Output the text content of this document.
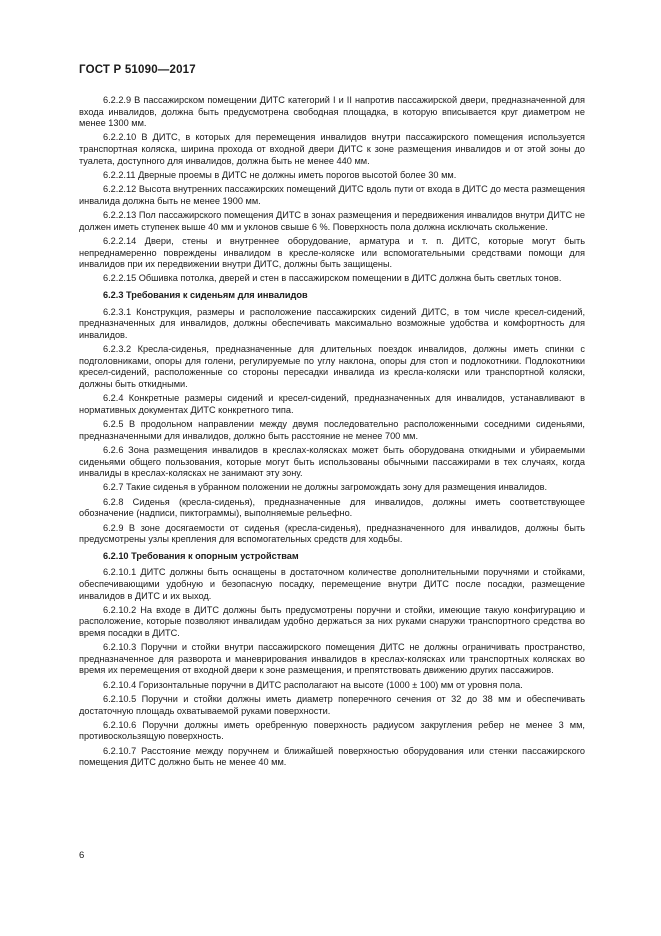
ГОСТ Р 51090—2017

6.2.2.9 В пассажирском помещении ДИТС категорий I и II напротив пассажирской двери, предназначенной для входа инвалидов, должна быть предусмотрена свободная площадка, в которую вписывается круг диаметром не менее 1300 мм.

6.2.2.10 В ДИТС, в которых для перемещения инвалидов внутри пассажирского помещения используется транспортная коляска, ширина прохода от входной двери ДИТС к зоне размещения инвалидов и от этой зоны до туалета, доступного для инвалидов, должна быть не менее 440 мм.

6.2.2.11 Дверные проемы в ДИТС не должны иметь порогов высотой более 30 мм.

6.2.2.12 Высота внутренних пассажирских помещений ДИТС вдоль пути от входа в ДИТС до места размещения инвалида должна быть не менее 1900 мм.

6.2.2.13 Пол пассажирского помещения ДИТС в зонах размещения и передвижения инвалидов внутри ДИТС не должен иметь ступенек выше 40 мм и уклонов свыше 6 %. Поверхность пола должна исключать скольжение.

6.2.2.14 Двери, стены и внутреннее оборудование, арматура и т. п. ДИТС, которые могут быть непреднамеренно повреждены инвалидом в кресле-коляске или вспомогательными средствами помощи для инвалидов при их передвижении внутри ДИТС, должны быть защищены.

6.2.2.15 Обшивка потолка, дверей и стен в пассажирском помещении в ДИТС должна быть светлых тонов.

6.2.3 Требования к сиденьям для инвалидов

6.2.3.1 Конструкция, размеры и расположение пассажирских сидений ДИТС, в том числе кресел-сидений, предназначенных для инвалидов, должны обеспечивать максимально возможные удобства и комфортность для инвалидов.

6.2.3.2 Кресла-сиденья, предназначенные для длительных поездок инвалидов, должны иметь спинки с подголовниками, опоры для голени, регулируемые по углу наклона, опоры для стоп и подлокотники. Подлокотники кресел-сидений, расположенные со стороны пересадки инвалида из кресла-коляски или транспортной коляски, должны быть откидными.

6.2.4 Конкретные размеры сидений и кресел-сидений, предназначенных для инвалидов, устанавливают в нормативных документах ДИТС конкретного типа.

6.2.5 В продольном направлении между двумя последовательно расположенными соседними сиденьями, предназначенными для инвалидов, должно быть расстояние не менее 700 мм.

6.2.6 Зона размещения инвалидов в креслах-колясках может быть оборудована откидными и убираемыми сиденьями общего пользования, которые могут быть использованы обычными пассажирами в тех случаях, когда инвалиды в креслах-колясках не занимают эту зону.

6.2.7 Такие сиденья в убранном положении не должны загромождать зону для размещения инвалидов.

6.2.8 Сиденья (кресла-сиденья), предназначенные для инвалидов, должны иметь соответствующее обозначение (надписи, пиктограммы), выполняемые рельефно.

6.2.9 В зоне досягаемости от сиденья (кресла-сиденья), предназначенного для инвалидов, должны быть предусмотрены узлы крепления для вспомогательных средств для ходьбы.

6.2.10 Требования к опорным устройствам

6.2.10.1 ДИТС должны быть оснащены в достаточном количестве дополнительными поручнями и стойками, обеспечивающими удобную и безопасную посадку, перемещение внутри ДИТС после посадки, размещение инвалидов в ДИТС и их выход.

6.2.10.2 На входе в ДИТС должны быть предусмотрены поручни и стойки, имеющие такую конфигурацию и расположение, которые позволяют инвалидам удобно держаться за них руками снаружи транспортного средства во время посадки в ДИТС.

6.2.10.3 Поручни и стойки внутри пассажирского помещения ДИТС не должны ограничивать пространство, предназначенное для разворота и маневрирования инвалидов в креслах-колясках или транспортных колясках во время их перемещения от входной двери к зоне размещения, и препятствовать движению других пассажиров.

6.2.10.4 Горизонтальные поручни в ДИТС располагают на высоте (1000 ± 100) мм от уровня пола.

6.2.10.5 Поручни и стойки должны иметь диаметр поперечного сечения от 32 до 38 мм и обеспечивать достаточную площадь охватываемой руками поверхности.

6.2.10.6 Поручни должны иметь оребренную поверхность радиусом закругления ребер не менее 3 мм, противоскользящую поверхность.

6.2.10.7 Расстояние между поручнем и ближайшей поверхностью оборудования или стенки пассажирского помещения ДИТС должно быть не менее 40 мм.

6
